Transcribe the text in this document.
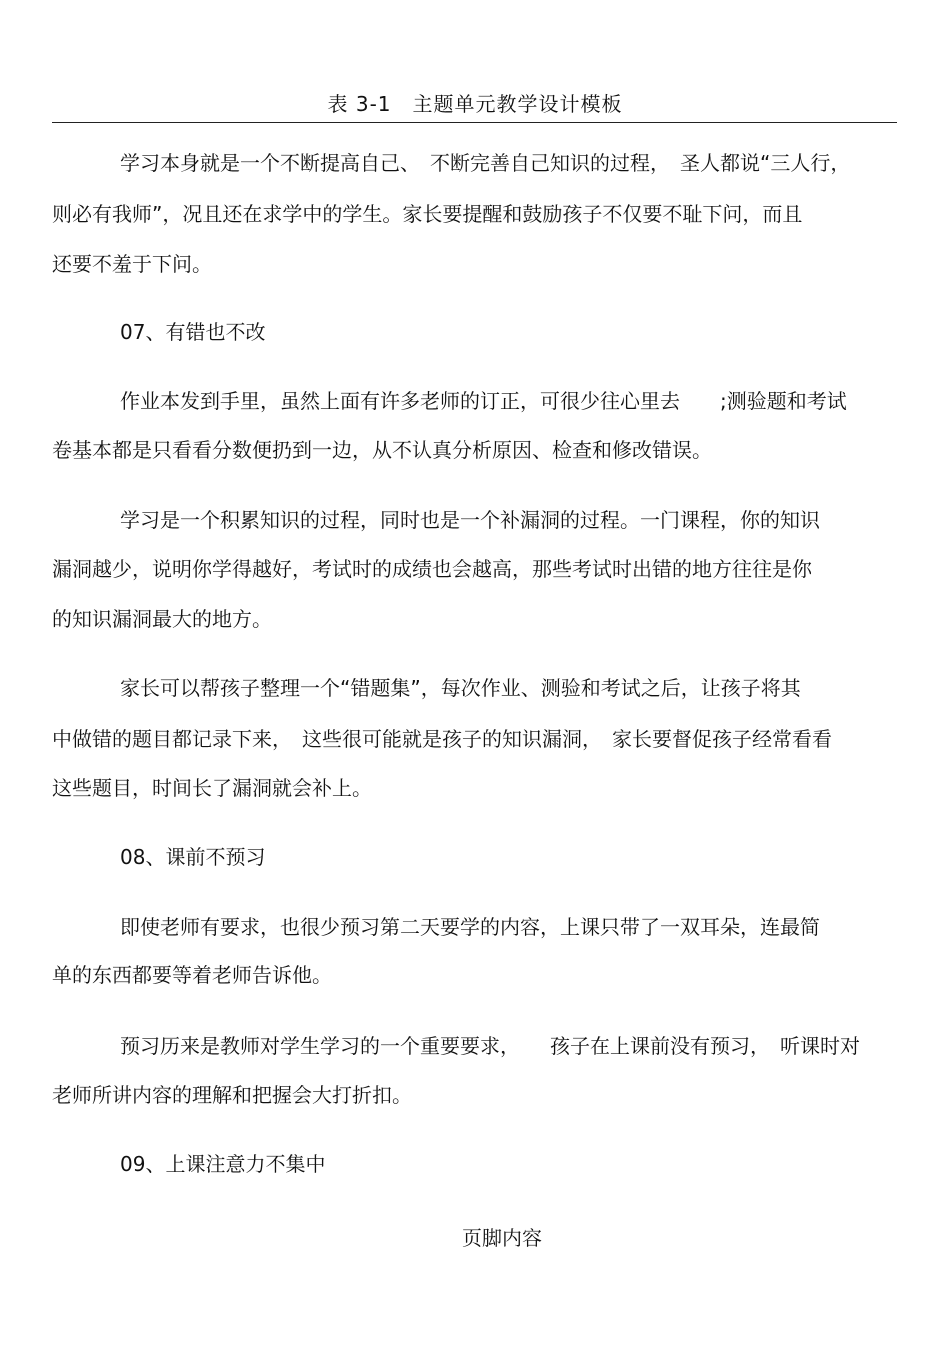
表 3-1　主题单元教学设计模板
学习本身就是一个不断提高自己、　不断完善自己知识的过程，　圣人都说“三人行，
则必有我师”，况且还在求学中的学生。家长要提醒和鼓励孩子不仅要不耻下问，而且
还要不羞于下问。
07、有错也不改
作业本发到手里，虽然上面有许多老师的订正，可很少往心里去　　;测验题和考试
卷基本都是只看看分数便扔到一边，从不认真分析原因、检查和修改错误。
学习是一个积累知识的过程，同时也是一个补漏洞的过程。一门课程，你的知识
漏洞越少，说明你学得越好，考试时的成绩也会越高，那些考试时出错的地方往往是你
的知识漏洞最大的地方。
家长可以帮孩子整理一个“错题集”，每次作业、测验和考试之后，让孩子将其
中做错的题目都记录下来，　这些很可能就是孩子的知识漏洞，　家长要督促孩子经常看看
这些题目，时间长了漏洞就会补上。
08、课前不预习
即使老师有要求，也很少预习第二天要学的内容，上课只带了一双耳朵，连最简
单的东西都要等着老师告诉他。
预习历来是教师对学生学习的一个重要要求，　　孩子在上课前没有预习，　听课时对
老师所讲内容的理解和把握会大打折扣。
09、上课注意力不集中
页脚内容
